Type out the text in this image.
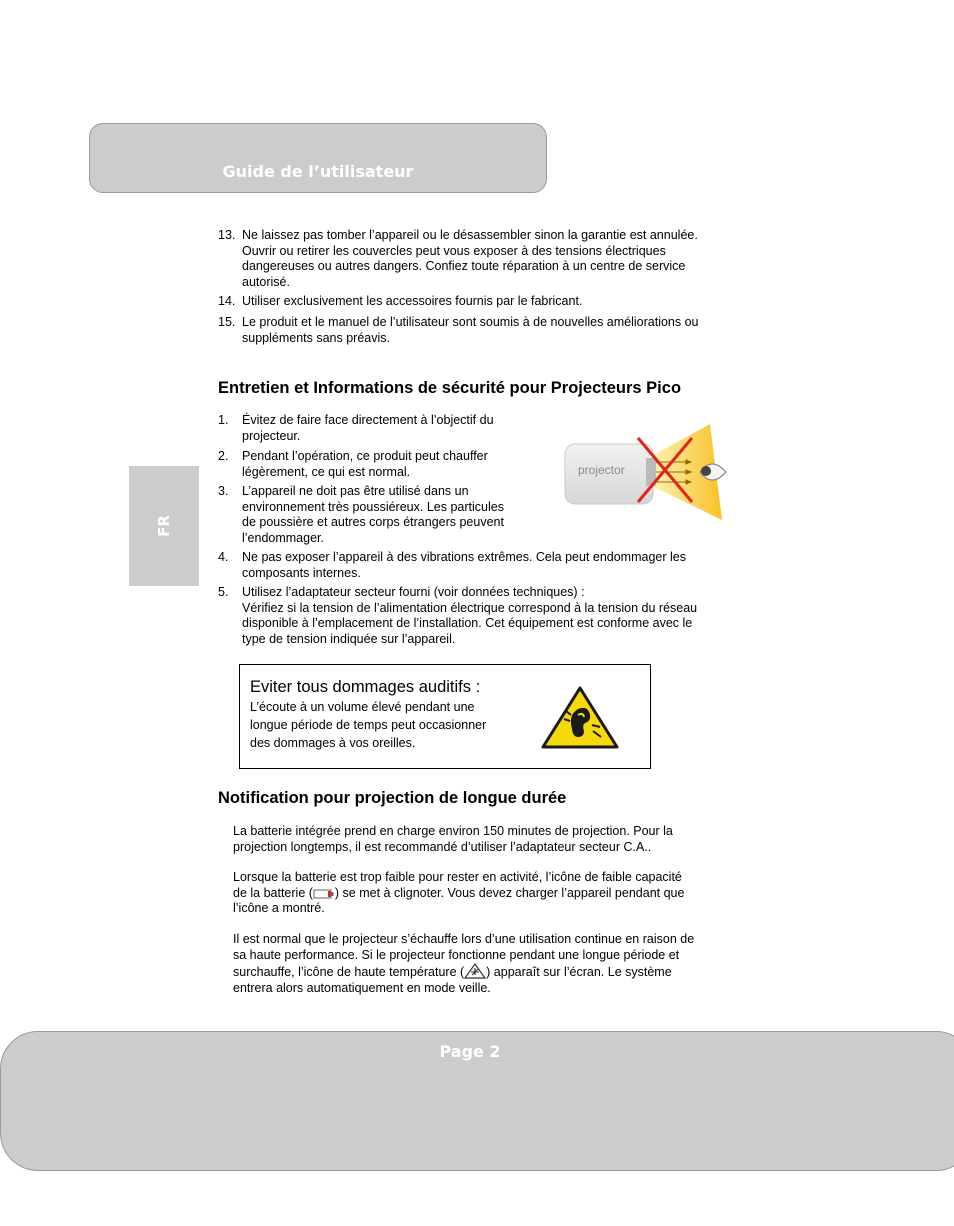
Guide de l’utilisateur
FR
13. Ne laissez pas tomber l’appareil ou le désassembler sinon la garantie est annulée.
Ouvrir ou retirer les couvercles peut vous exposer à des tensions électriques
dangereuses ou autres dangers. Confiez toute réparation à un centre de service
autorisé.
14. Utiliser exclusivement les accessoires fournis par le fabricant.
15. Le produit et le manuel de l’utilisateur sont soumis à de nouvelles améliorations ou
suppléments sans préavis.
Entretien et Informations de sécurité pour Projecteurs Pico
1. Évitez de faire face directement à l’objectif du
projecteur.
2. Pendant l’opération, ce produit peut chauffer
légèrement, ce qui est normal.
3. L’appareil ne doit pas être utilisé dans un
environnement très poussiéreux. Les particules
de poussière et autres corps étrangers peuvent
l’endommager.
4. Ne pas exposer l’appareil à des vibrations extrêmes. Cela peut endommager les
composants internes.
5. Utilisez l’adaptateur secteur fourni (voir données techniques) :
Vérifiez si la tension de l’alimentation électrique correspond à la tension du réseau
disponible à l’emplacement de l’installation. Cet équipement est conforme avec le
type de tension indiquée sur l’appareil.
projector
Eviter tous dommages auditifs :
L’écoute à un volume élevé pendant une
longue période de temps peut occasionner
des dommages à vos oreilles.
Notification pour projection de longue durée
La batterie intégrée prend en charge environ 150 minutes de projection. Pour la
projection longtemps, il est recommandé d’utiliser l’adaptateur secteur C.A..
Lorsque la batterie est trop faible pour rester en activité, l’icône de faible capacité
de la batterie ( ) se met à clignoter. Vous devez charger l’appareil pendant que
l’icône a montré.
Il est normal que le projecteur s’échauffe lors d’une utilisation continue en raison de
sa haute performance. Si le projecteur fonctionne pendant une longue période et
surchauffe, l’icône de haute température ( ) apparaît sur l’écran. Le système
entrera alors automatiquement en mode veille.
Page 2
